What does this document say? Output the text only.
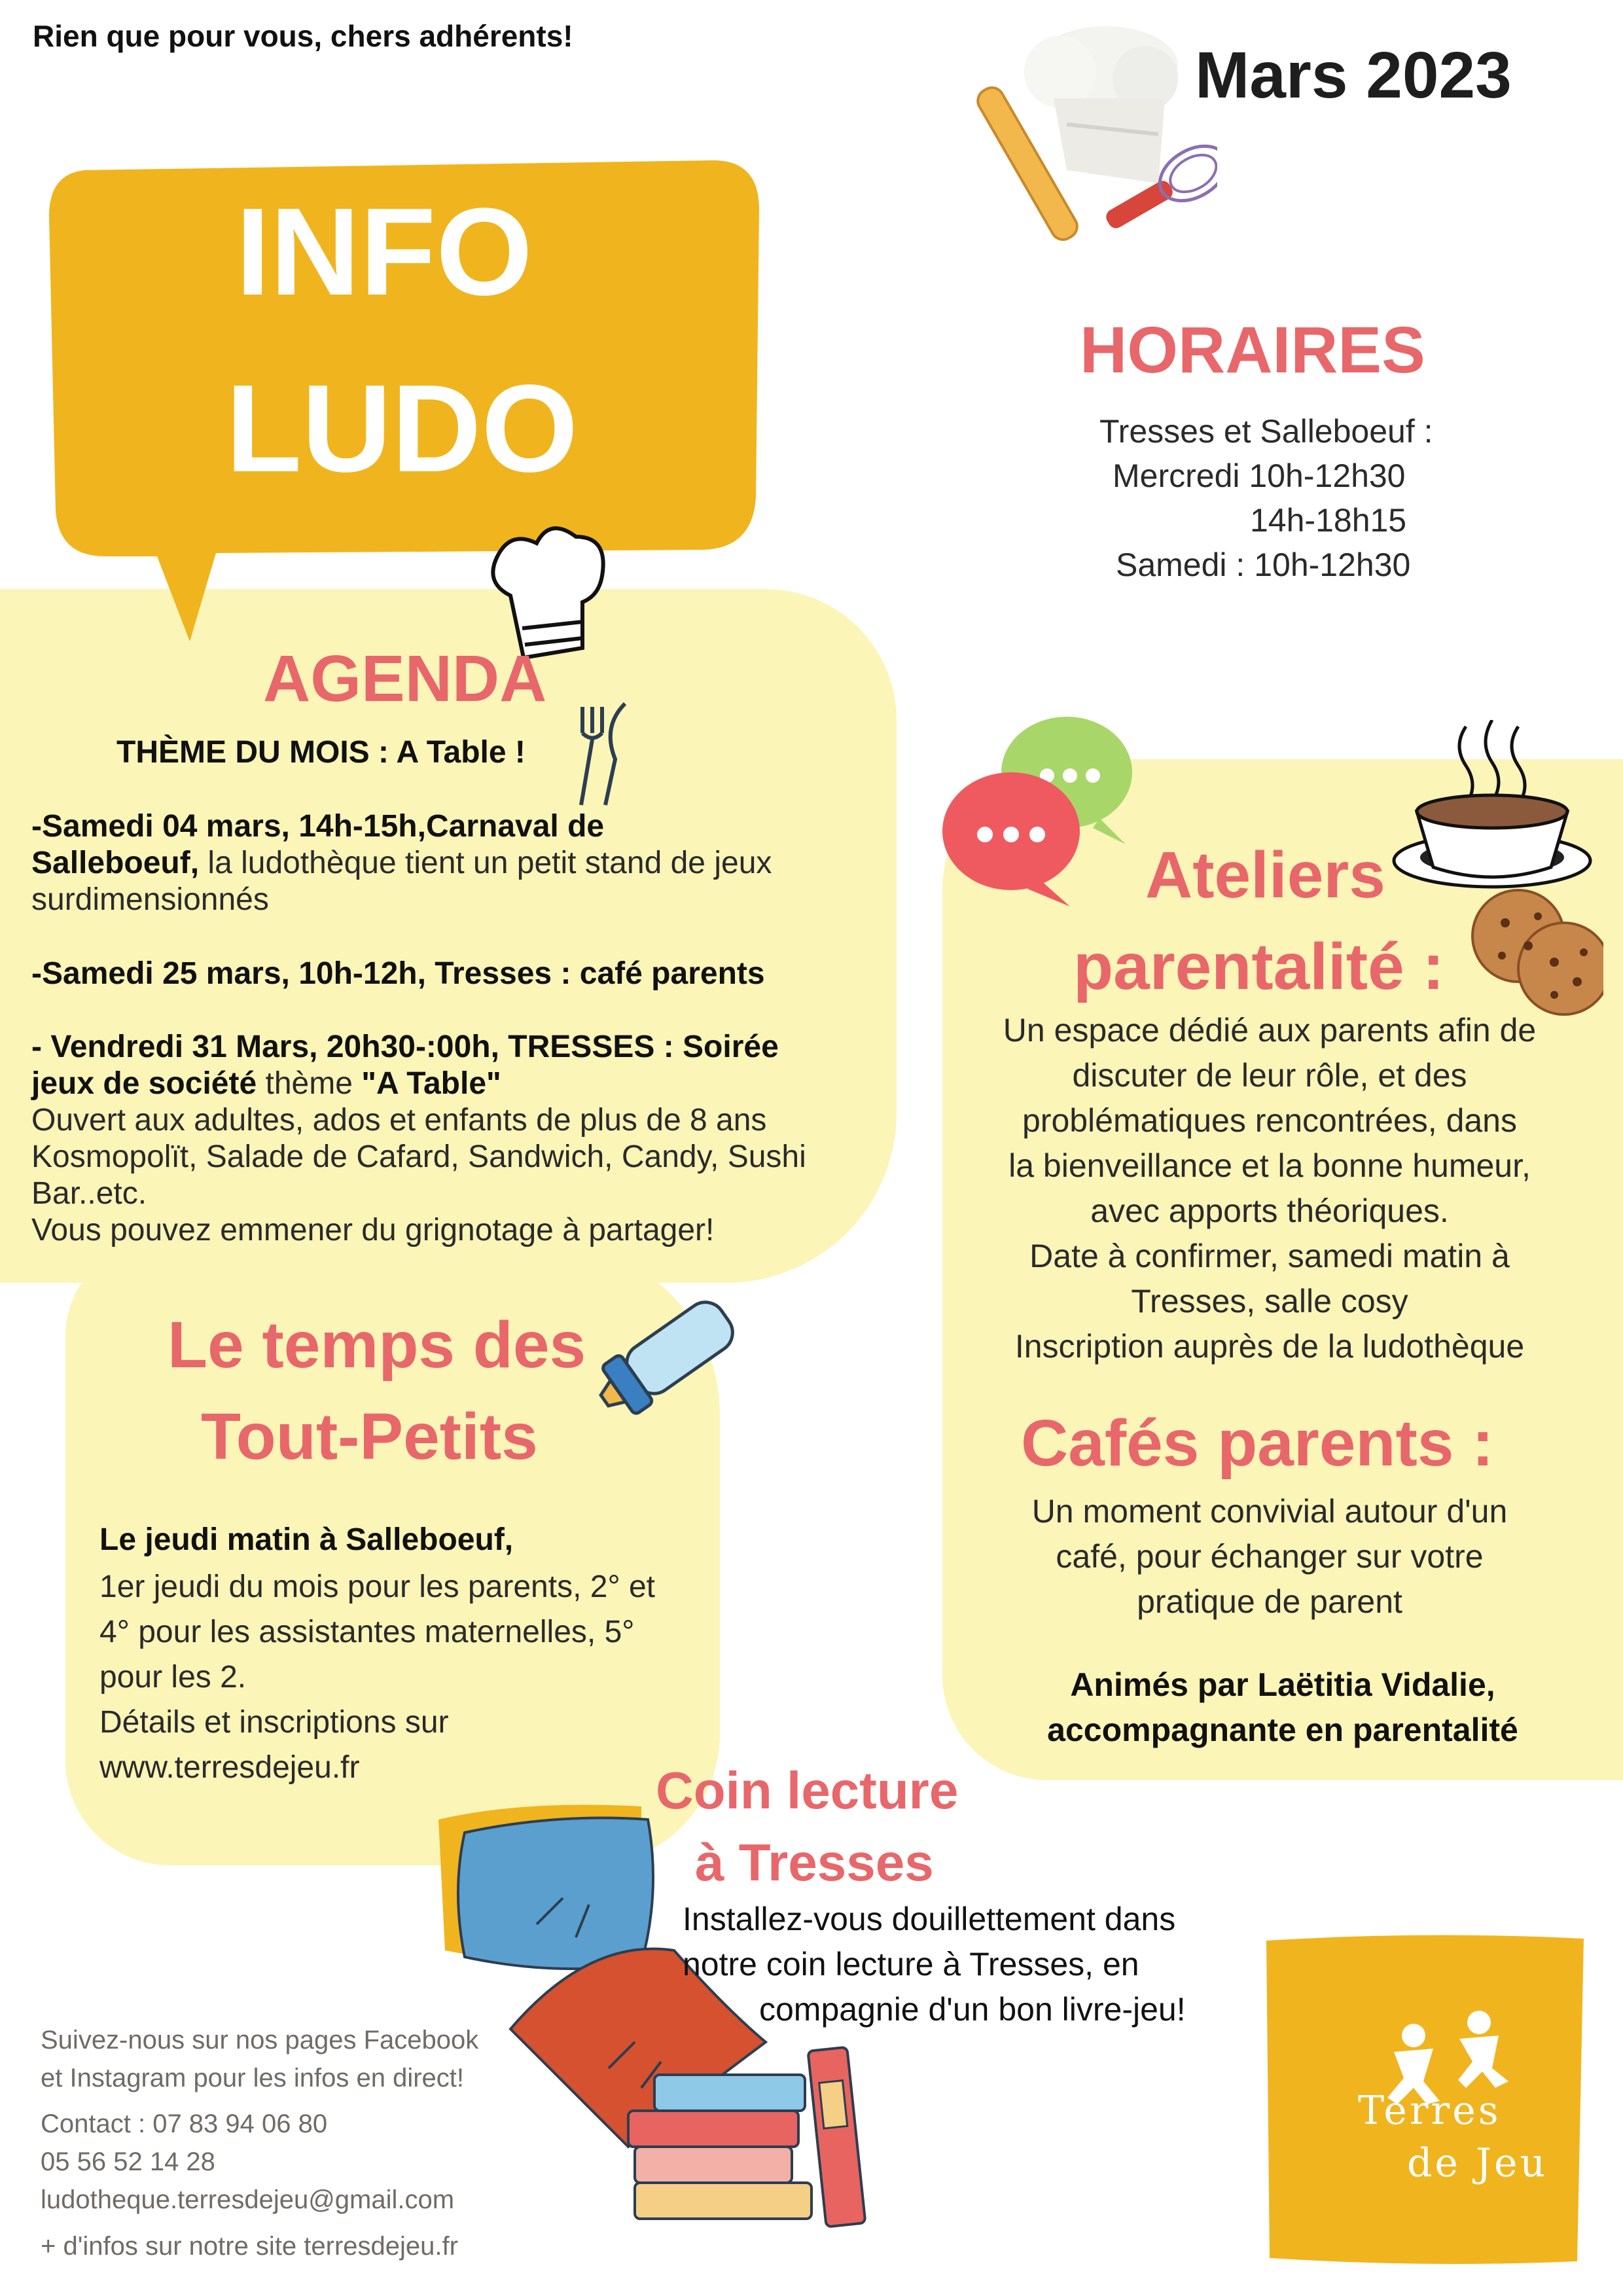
Rien que pour vous, chers adhérents!
Mars 2023
INFO
LUDO
HORAIRES
Tresses et Salleboeuf :
Mercredi 10h-12h30
14h-18h15
Samedi : 10h-12h30
AGENDA
THÈME DU MOIS : A Table !

-Samedi 04 mars, 14h-15h,Carnaval de

Salleboeuf, la ludothèque tient un petit stand de jeux

surdimensionnés

-Samedi 25 mars, 10h-12h, Tresses : café parents

- Vendredi 31 Mars, 20h30-:00h, TRESSES : Soirée

jeux de société thème "A Table"

Ouvert aux adultes, ados et enfants de plus de 8 ans

Kosmopolït, Salade de Cafard, Sandwich, Candy, Sushi

Bar..etc.

Vous pouvez emmener du grignotage à partager!

Ateliers
parentalité :

Un espace dédié aux parents afin de

discuter de leur rôle, et des

problématiques rencontrées, dans

la bienveillance et la bonne humeur,

avec apports théoriques.

Date à confirmer, samedi matin à

Tresses, salle cosy

Inscription auprès de la ludothèque

Cafés parents :

Un moment convivial autour d'un

café, pour échanger sur votre

pratique de parent

Animés par Laëtitia Vidalie,

accompagnante en parentalité

Le temps des
Tout-Petits
Le jeudi matin à Salleboeuf,

1er jeudi du mois pour les parents, 2° et

4° pour les assistantes maternelles, 5°

pour les 2.

Détails et inscriptions sur

www.terresdejeu.fr	Coin lecture
à Tresses

Installez-vous douillettement dans

notre coin lecture à Tresses, en

compagnie d'un bon livre-jeu!

Suivez-nous sur nos pages Facebook

et Instagram pour les infos en direct!

Contact : 07 83 94 06 80

05 56 52 14 28

ludotheque.terresdejeu@gmail.com

+ d'infos sur notre site terresdejeu.fr
Terres
de Jeu
